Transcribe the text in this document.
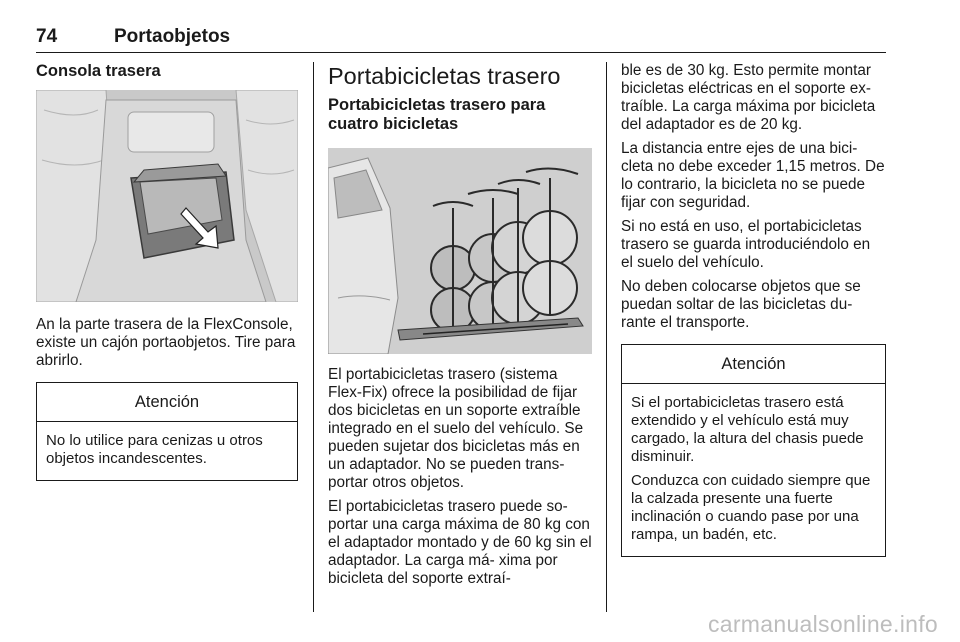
74	Portaobjetos
Consola trasera

An la parte trasera de la FlexConsole, existe un cajón portaobjetos. Tire para abrirlo.

Atención

No lo utilice para cenizas u otros objetos incandescentes.

Portabicicletas trasero
Portabicicletas trasero para cuatro bicicletas

El portabicicletas trasero (sistema Flex-Fix) ofrece la posibilidad de fijar dos bicicletas en un soporte extraíble integrado en el suelo del vehículo. Se pueden sujetar dos bicicletas más en un adaptador. No se pueden trans- portar otros objetos.

El portabicicletas trasero puede so- portar una carga máxima de 80 kg con el adaptador montado y de 60 kg sin el adaptador. La carga má- xima por bicicleta del soporte extraí-

ble es de 30 kg. Esto permite montar bicicletas eléctricas en el soporte ex- traíble. La carga máxima por bicicleta del adaptador es de 20 kg.

La distancia entre ejes de una bici- cleta no debe exceder 1,15 metros. De lo contrario, la bicicleta no se puede fijar con seguridad.

Si no está en uso, el portabicicletas trasero se guarda introduciéndolo en el suelo del vehículo.

No deben colocarse objetos que se puedan soltar de las bicicletas du- rante el transporte.

Atención

Si el portabicicletas trasero está extendido y el vehículo está muy cargado, la altura del chasis puede disminuir.

Conduzca con cuidado siempre que la calzada presente una fuerte inclinación o cuando pase por una rampa, un badén, etc.

carmanualsonline.info
